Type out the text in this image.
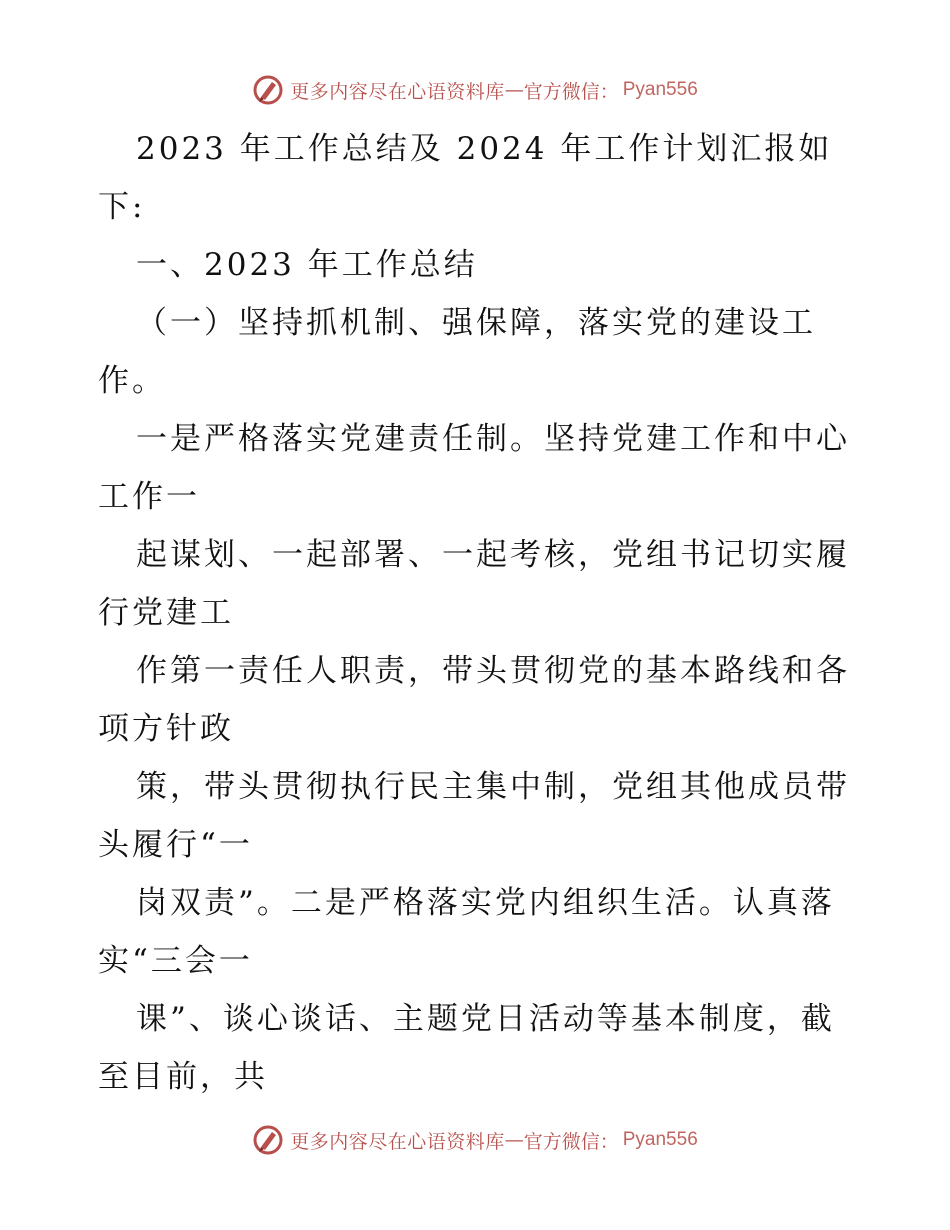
更多内容尽在心语资料库 — 官方微信： Pyan556
2023 年工作总结及 2024 年工作计划汇报如
下:
一、2023 年工作总结
（一）坚持抓机制、强保障，落实党的建设工
作。
一是严格落实党建责任制。坚持党建工作和中心
工作一
起谋划、一起部署、一起考核，党组书记切实履
行党建工
作第一责任人职责，带头贯彻党的基本路线和各
项方针政
策，带头贯彻执行民主集中制，党组其他成员带
头履行“一
岗双责”。二是严格落实党内组织生活。认真落
实“三会一
课”、谈心谈话、主题党日活动等基本制度，截
至目前，共
更多内容尽在心语资料库 — 官方微信： Pyan556
